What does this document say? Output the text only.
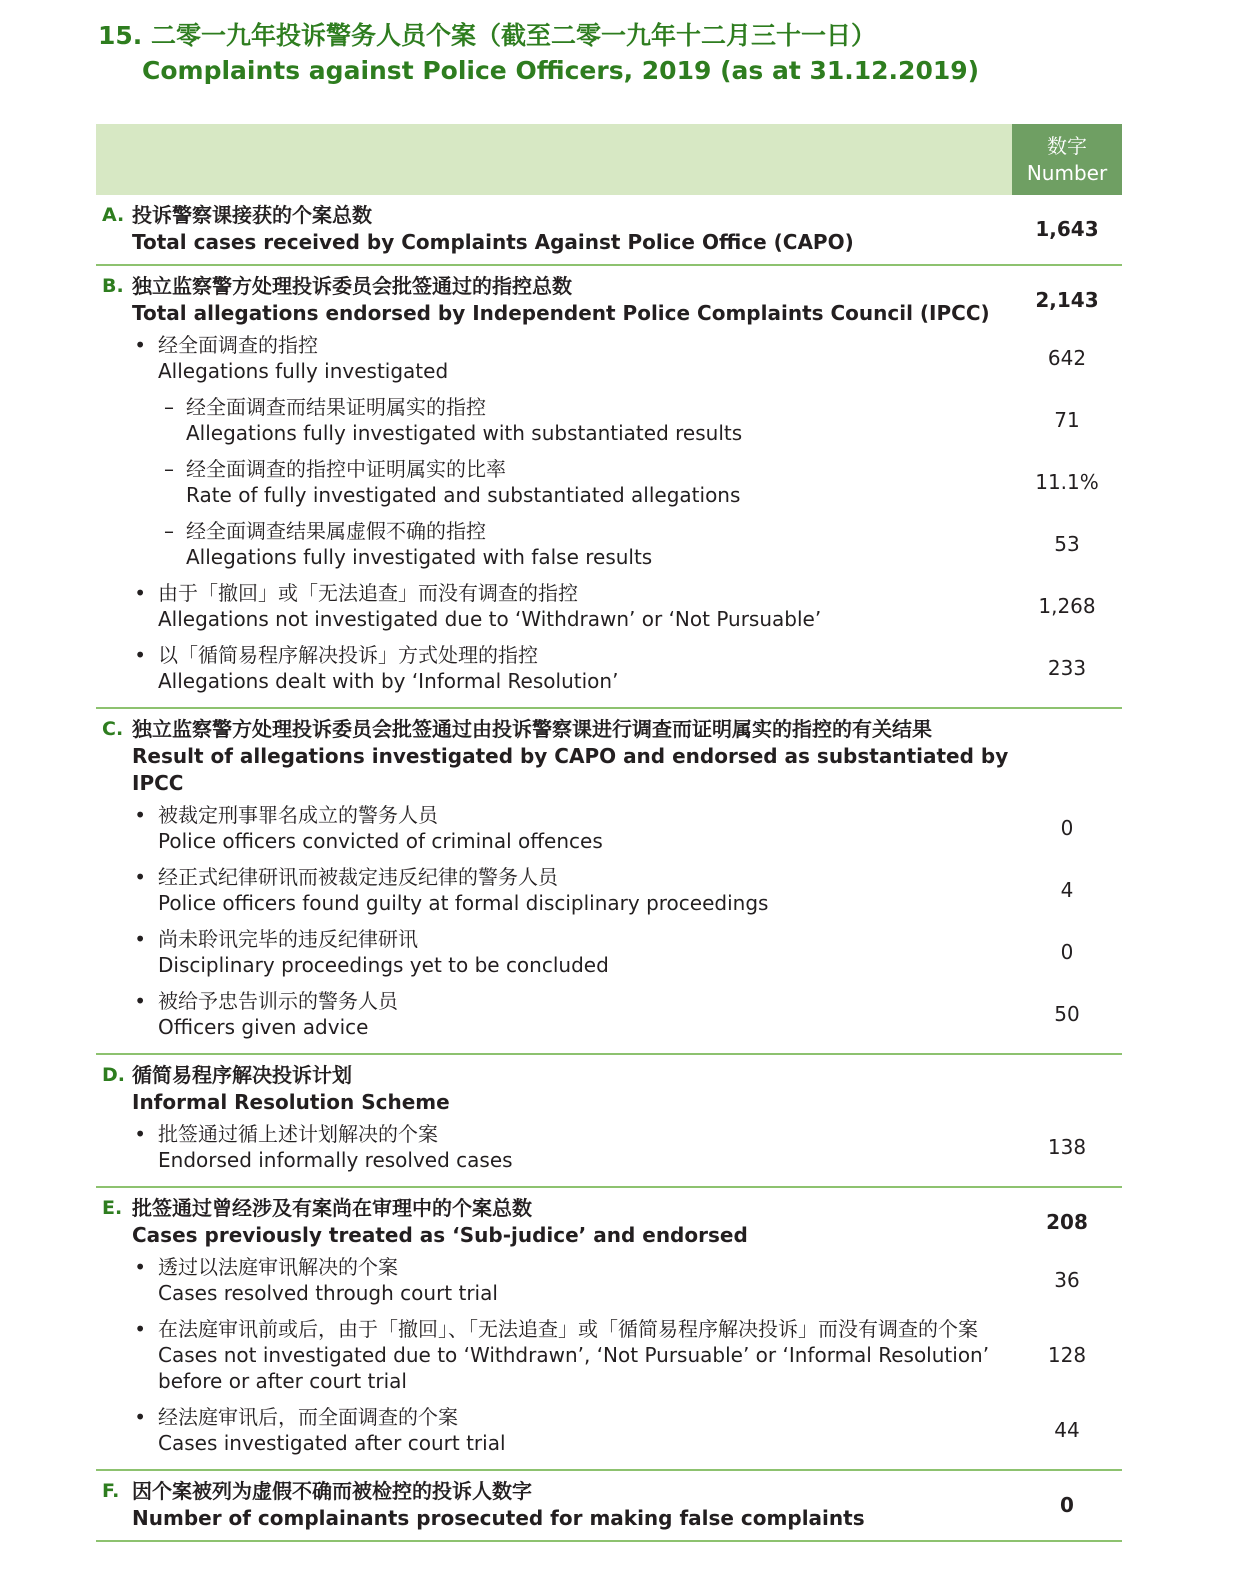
15. 二零一九年投诉警务人员个案（截至二零一九年十二月三十一日）
Complaints against Police Officers, 2019 (as at 31.12.2019)
数字
Number
A. 投诉警察课接获的个案总数
Total cases received by Complaints Against Police Office (CAPO)
1,643
B. 独立监察警方处理投诉委员会批签通过的指控总数
Total allegations endorsed by Independent Police Complaints Council (IPCC)
2,143
• 经全面调查的指控
Allegations fully investigated
642
– 经全面调查而结果证明属实的指控
Allegations fully investigated with substantiated results
71
– 经全面调查的指控中证明属实的比率
Rate of fully investigated and substantiated allegations
11.1%
– 经全面调查结果属虚假不确的指控
Allegations fully investigated with false results
53
• 由于「撤回」或「无法追查」而没有调查的指控
Allegations not investigated due to ‘Withdrawn’ or ‘Not Pursuable’
1,268
• 以「循简易程序解决投诉」方式处理的指控
Allegations dealt with by ‘Informal Resolution’
233
C. 独立监察警方处理投诉委员会批签通过由投诉警察课进行调查而证明属实的指控的有关结果
Result of allegations investigated by CAPO and endorsed as substantiated by IPCC
• 被裁定刑事罪名成立的警务人员
Police officers convicted of criminal offences
0
• 经正式纪律研讯而被裁定违反纪律的警务人员
Police officers found guilty at formal disciplinary proceedings
4
• 尚未聆讯完毕的违反纪律研讯
Disciplinary proceedings yet to be concluded
0
• 被给予忠告训示的警务人员
Officers given advice
50
D. 循简易程序解决投诉计划
Informal Resolution Scheme
• 批签通过循上述计划解决的个案
Endorsed informally resolved cases
138
E. 批签通过曾经涉及有案尚在审理中的个案总数
Cases previously treated as ‘Sub-judice’ and endorsed
208
• 透过以法庭审讯解决的个案
Cases resolved through court trial
36
• 在法庭审讯前或后，由于「撤回」、「无法追查」或「循简易程序解决投诉」而没有调查的个案
Cases not investigated due to ‘Withdrawn’, ‘Not Pursuable’ or ‘Informal Resolution’ before or after court trial
128
• 经法庭审讯后，而全面调查的个案
Cases investigated after court trial
44
F. 因个案被列为虚假不确而被检控的投诉人数字
Number of complainants prosecuted for making false complaints
0
